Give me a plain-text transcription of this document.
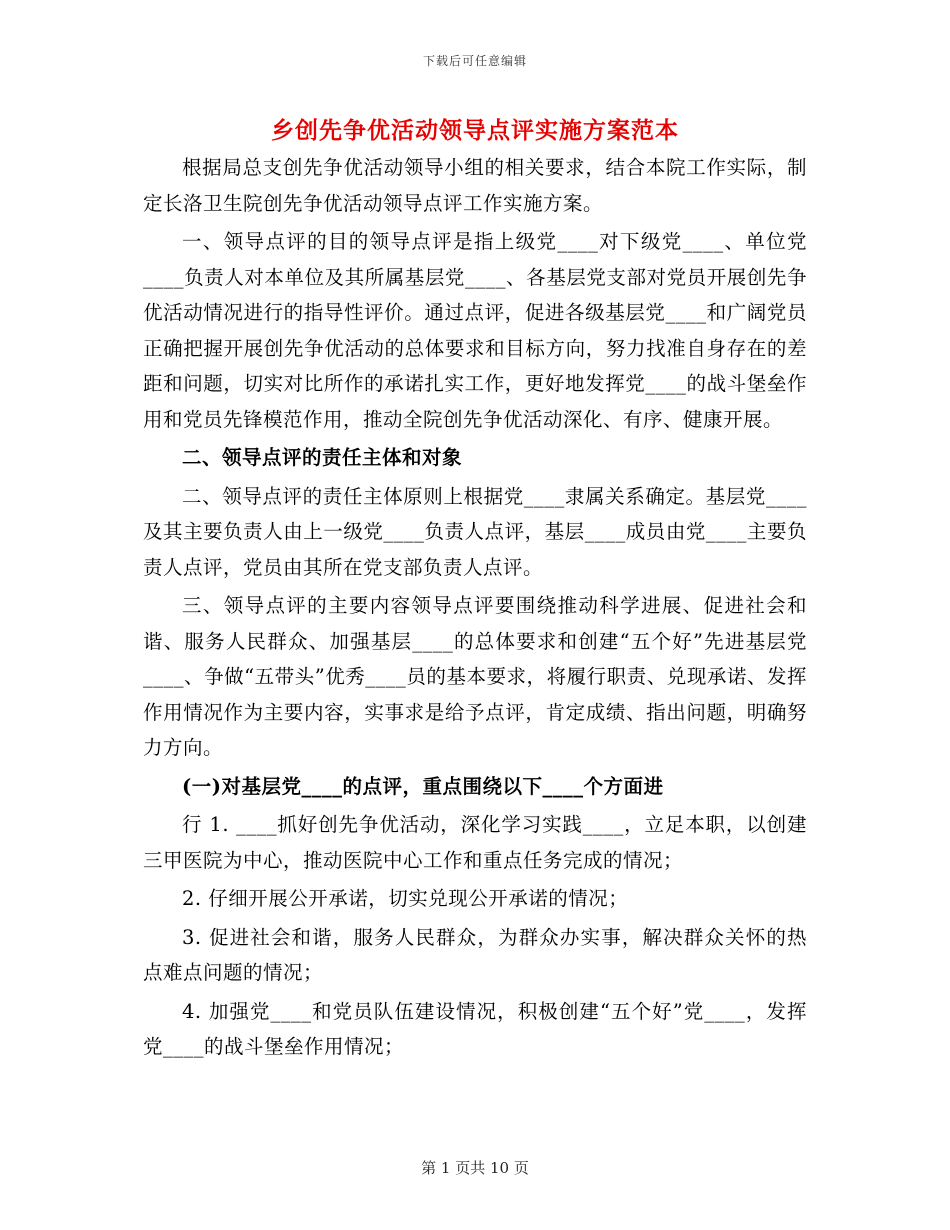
下载后可任意编辑
乡创先争优活动领导点评实施方案范本

根据局总支创先争优活动领导小组的相关要求，结合本院工作实际，制定长洛卫生院创先争优活动领导点评工作实施方案。

一、领导点评的目的领导点评是指上级党____对下级党____、单位党____负责人对本单位及其所属基层党____、各基层党支部对党员开展创先争优活动情况进行的指导性评价。通过点评，促进各级基层党____和广阔党员正确把握开展创先争优活动的总体要求和目标方向，努力找准自身存在的差距和问题，切实对比所作的承诺扎实工作，更好地发挥党____的战斗堡垒作用和党员先锋模范作用，推动全院创先争优活动深化、有序、健康开展。

二、领导点评的责任主体和对象

二、领导点评的责任主体原则上根据党____隶属关系确定。基层党____及其主要负责人由上一级党____负责人点评，基层____成员由党____主要负责人点评，党员由其所在党支部负责人点评。

三、领导点评的主要内容领导点评要围绕推动科学进展、促进社会和谐、服务人民群众、加强基层____的总体要求和创建“五个好”先进基层党____、争做“五带头”优秀____员的基本要求，将履行职责、兑现承诺、发挥作用情况作为主要内容，实事求是给予点评，肯定成绩、指出问题，明确努力方向。

(一)对基层党____的点评，重点围绕以下____个方面进

行 1. ____抓好创先争优活动，深化学习实践____，立足本职，以创建三甲医院为中心，推动医院中心工作和重点任务完成的情况；

2. 仔细开展公开承诺，切实兑现公开承诺的情况；

3. 促进社会和谐，服务人民群众，为群众办实事，解决群众关怀的热点难点问题的情况；

4. 加强党____和党员队伍建设情况，积极创建“五个好”党____，发挥党____的战斗堡垒作用情况；

第 1 页共 10 页
